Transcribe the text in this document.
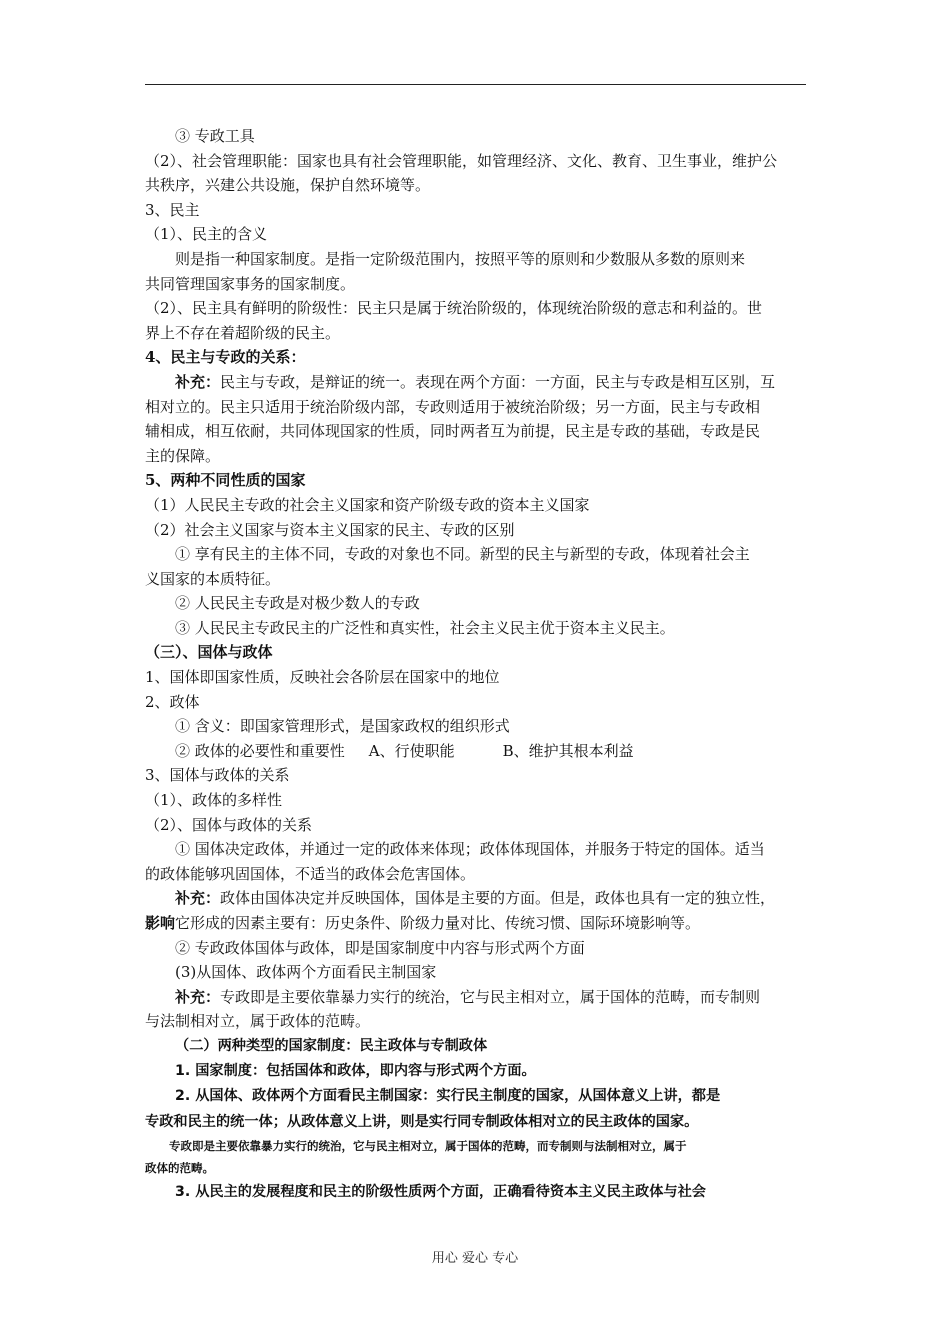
③ 专政工具
（2）、社会管理职能：国家也具有社会管理职能，如管理经济、文化、教育、卫生事业，维护公
共秩序，兴建公共设施，保护自然环境等。
3、民主
（1）、民主的含义
则是指一种国家制度。是指一定阶级范围内，按照平等的原则和少数服从多数的原则来
共同管理国家事务的国家制度。
（2）、民主具有鲜明的阶级性：民主只是属于统治阶级的，体现统治阶级的意志和利益的。世
界上不存在着超阶级的民主。
4、民主与专政的关系：
补充：民主与专政，是辩证的统一。表现在两个方面：一方面，民主与专政是相互区别，互
相对立的。民主只适用于统治阶级内部，专政则适用于被统治阶级；另一方面，民主与专政相
辅相成，相互依耐，共同体现国家的性质，同时两者互为前提，民主是专政的基础，专政是民
主的保障。
5、两种不同性质的国家
（1）人民民主专政的社会主义国家和资产阶级专政的资本主义国家
（2）社会主义国家与资本主义国家的民主、专政的区别
① 享有民主的主体不同，专政的对象也不同。新型的民主与新型的专政，体现着社会主
义国家的本质特征。
② 人民民主专政是对极少数人的专政
③ 人民民主专政民主的广泛性和真实性，社会主义民主优于资本主义民主。
（三）、国体与政体
1、国体即国家性质，反映社会各阶层在国家中的地位
2、政体
① 含义：即国家管理形式，是国家政权的组织形式
② 政体的必要性和重要性 A、行使职能	B、维护其根本利益
3、国体与政体的关系
（1）、政体的多样性
（2）、国体与政体的关系
① 国体决定政体，并通过一定的政体来体现；政体体现国体，并服务于特定的国体。适当
的政体能够巩固国体，不适当的政体会危害国体。
补充：政体由国体决定并反映国体，国体是主要的方面。但是，政体也具有一定的独立性，
影响它形成的因素主要有：历史条件、阶级力量对比、传统习惯、国际环境影响等。
② 专政政体国体与政体，即是国家制度中内容与形式两个方面
(3)从国体、政体两个方面看民主制国家
补充：专政即是主要依靠暴力实行的统治，它与民主相对立，属于国体的范畴，而专制则
与法制相对立，属于政体的范畴。
（二）两种类型的国家制度：民主政体与专制政体
1. 国家制度：包括国体和政体，即内容与形式两个方面。
2. 从国体、政体两个方面看民主制国家：实行民主制度的国家，从国体意义上讲，都是
专政和民主的统一体；从政体意义上讲，则是实行同专制政体相对立的民主政体的国家。
专政即是主要依靠暴力实行的统治，它与民主相对立，属于国体的范畴，而专制则与法制相对立，属于
政体的范畴。
3. 从民主的发展程度和民主的阶级性质两个方面，正确看待资本主义民主政体与社会
用心 爱心 专心
